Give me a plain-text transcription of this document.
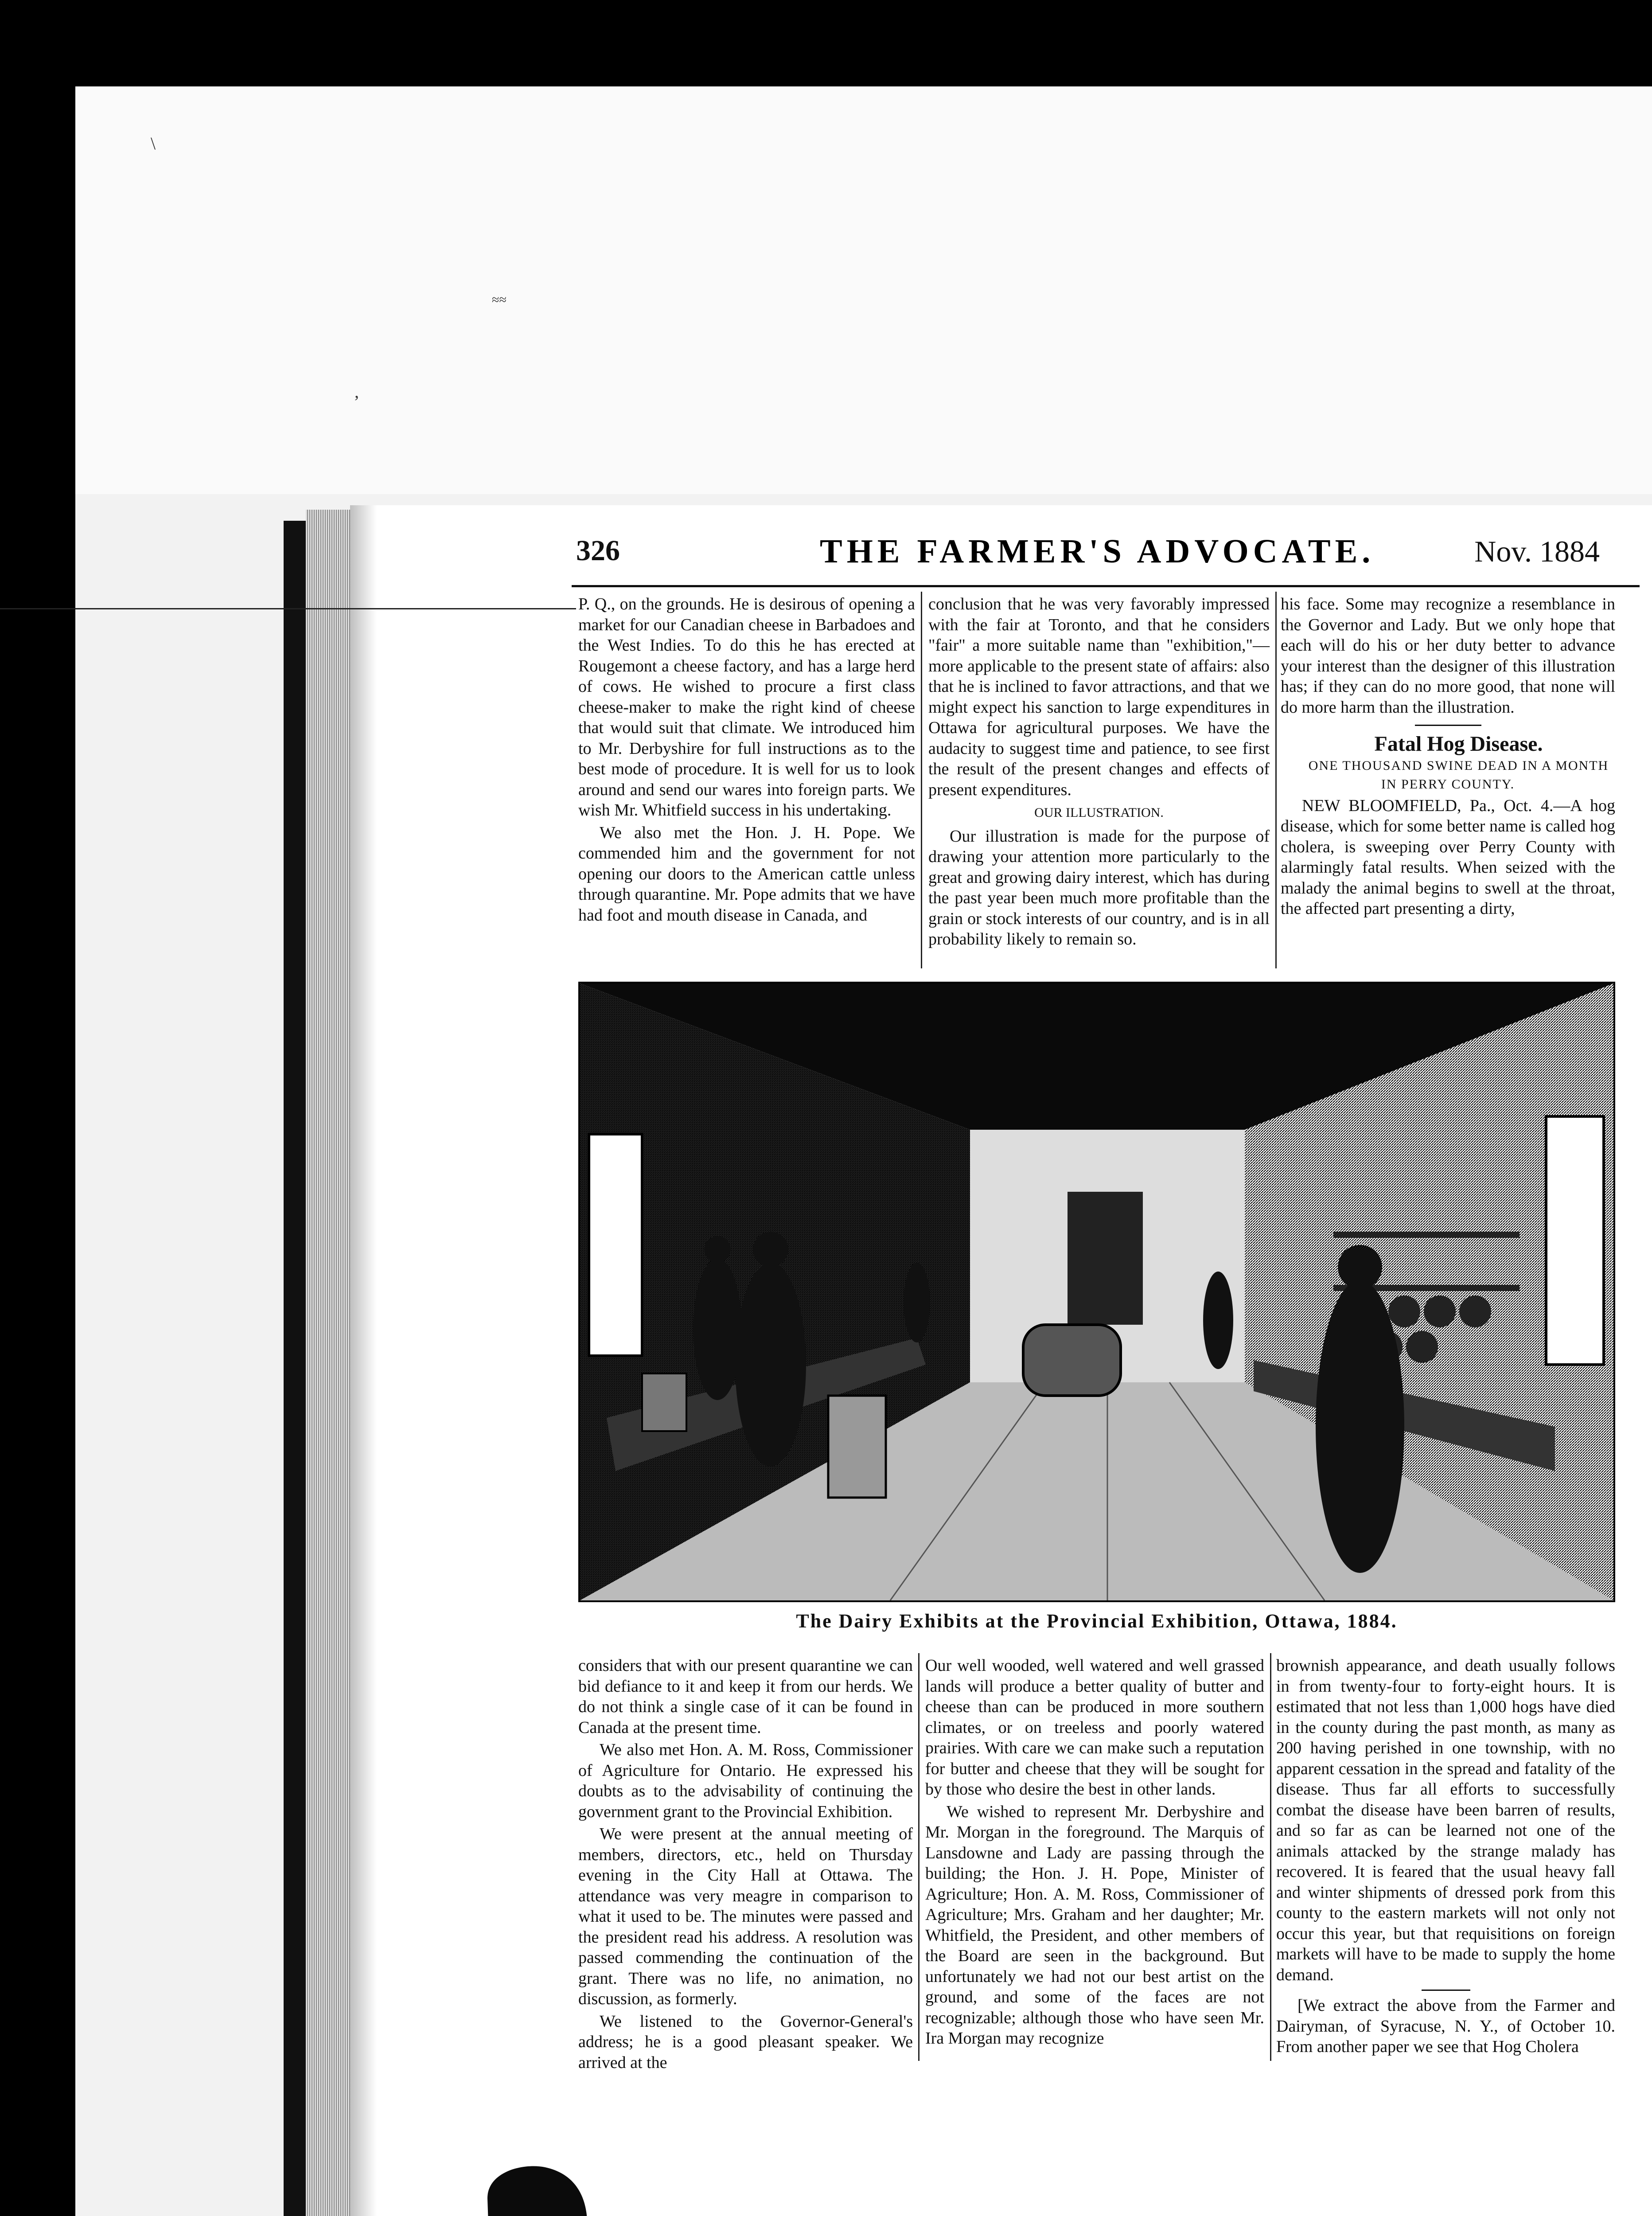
\
≈≈
,
326	THE FARMER'S ADVOCATE.	Nov. 1884

P. Q., on the grounds. He is desirous of opening a market for our Canadian cheese in Barbadoes and the West Indies. To do this he has erected at Rougemont a cheese factory, and has a large herd of cows. He wished to procure a first class cheese-maker to make the right kind of cheese that would suit that climate. We introduced him to Mr. Derbyshire for full instructions as to the best mode of procedure. It is well for us to look around and send our wares into foreign parts. We wish Mr. Whitfield success in his undertaking.

We also met the Hon. J. H. Pope. We commended him and the government for not opening our doors to the American cattle unless through quarantine. Mr. Pope admits that we have had foot and mouth disease in Canada, and

conclusion that he was very favorably impressed with the fair at Toronto, and that he considers "fair" a more suitable name than "exhibition,"—more applicable to the present state of affairs: also that he is inclined to favor attractions, and that we might expect his sanction to large expenditures in Ottawa for agricultural purposes. We have the audacity to suggest time and patience, to see first the result of the present changes and effects of present expenditures.

OUR ILLUSTRATION.

Our illustration is made for the purpose of drawing your attention more particularly to the great and growing dairy interest, which has during the past year been much more profitable than the grain or stock interests of our country, and is in all probability likely to remain so.

his face. Some may recognize a resemblance in the Governor and Lady. But we only hope that each will do his or her duty better to advance your interest than the designer of this illustration has; if they can do no more good, that none will do more harm than the illustration.

Fatal Hog Disease.

ONE THOUSAND SWINE DEAD IN A MONTH IN PERRY COUNTY.

NEW BLOOMFIELD, Pa., Oct. 4.—A hog disease, which for some better name is called hog cholera, is sweeping over Perry County with alarmingly fatal results. When seized with the malady the animal begins to swell at the throat, the affected part presenting a dirty,

The Dairy Exhibits at the Provincial Exhibition, Ottawa, 1884.

considers that with our present quarantine we can bid defiance to it and keep it from our herds. We do not think a single case of it can be found in Canada at the present time.

We also met Hon. A. M. Ross, Commissioner of Agriculture for Ontario. He expressed his doubts as to the advisability of continuing the government grant to the Provincial Exhibition.

We were present at the annual meeting of members, directors, etc., held on Thursday evening in the City Hall at Ottawa. The attendance was very meagre in comparison to what it used to be. The minutes were passed and the president read his address. A resolution was passed commending the continuation of the grant. There was no life, no animation, no discussion, as formerly.

We listened to the Governor-General's address; he is a good pleasant speaker. We arrived at the

Our well wooded, well watered and well grassed lands will produce a better quality of butter and cheese than can be produced in more southern climates, or on treeless and poorly watered prairies. With care we can make such a reputation for butter and cheese that they will be sought for by those who desire the best in other lands.

We wished to represent Mr. Derbyshire and Mr. Morgan in the foreground. The Marquis of Lansdowne and Lady are passing through the building; the Hon. J. H. Pope, Minister of Agriculture; Hon. A. M. Ross, Commissioner of Agriculture; Mrs. Graham and her daughter; Mr. Whitfield, the President, and other members of the Board are seen in the background. But unfortunately we had not our best artist on the ground, and some of the faces are not recognizable; although those who have seen Mr. Ira Morgan may recognize

brownish appearance, and death usually follows in from twenty-four to forty-eight hours. It is estimated that not less than 1,000 hogs have died in the county during the past month, as many as 200 having perished in one township, with no apparent cessation in the spread and fatality of the disease. Thus far all efforts to successfully combat the disease have been barren of results, and so far as can be learned not one of the animals attacked by the strange malady has recovered. It is feared that the usual heavy fall and winter shipments of dressed pork from this county to the eastern markets will not only not occur this year, but that requisitions on foreign markets will have to be made to supply the home demand.

[We extract the above from the Farmer and Dairyman, of Syracuse, N. Y., of October 10. From another paper we see that Hog Cholera
